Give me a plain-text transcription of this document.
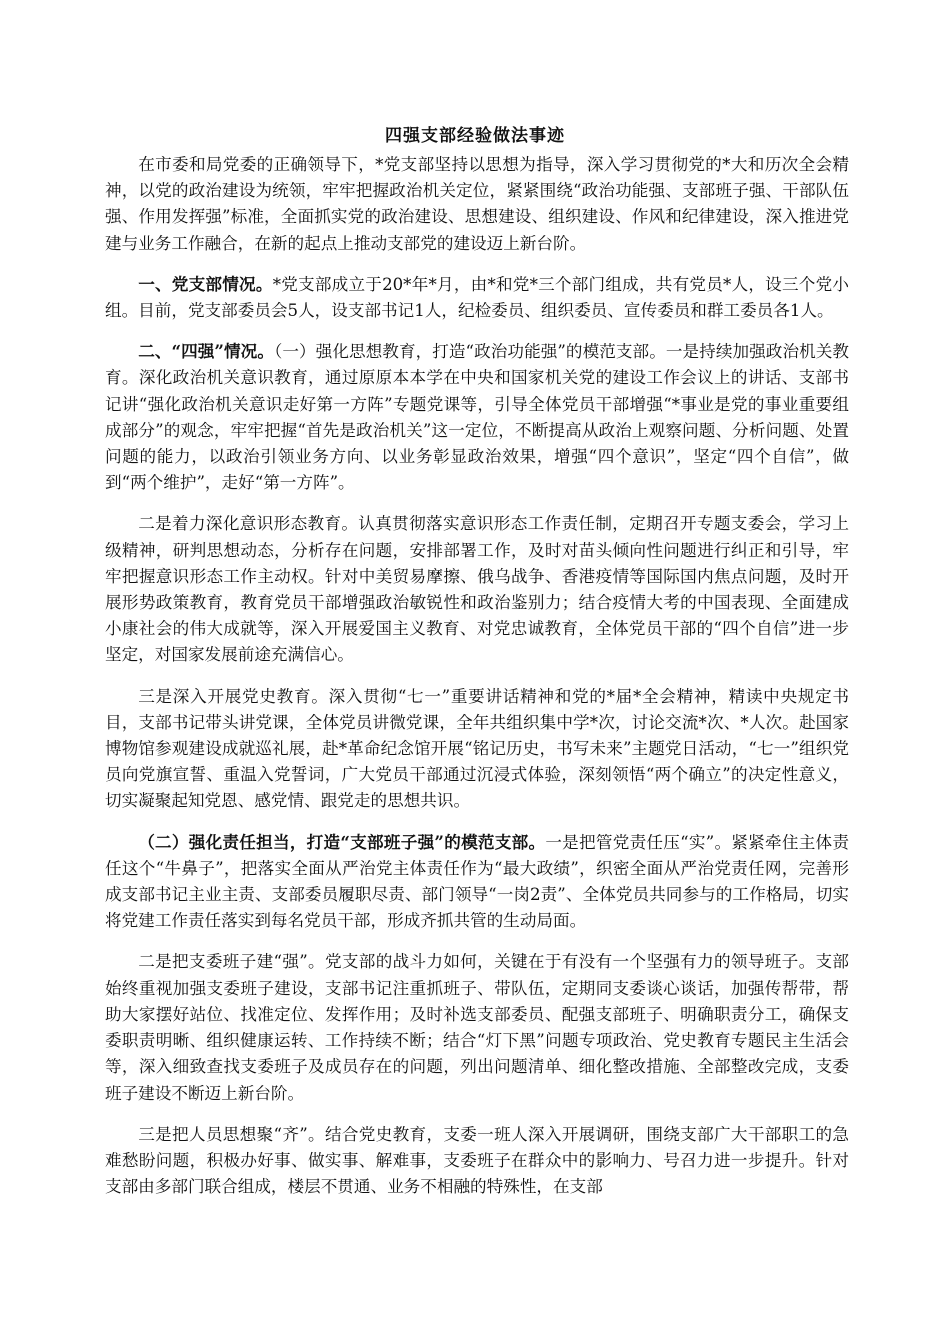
四强支部经验做法事迹

在市委和局党委的正确领导下，*党支部坚持以思想为指导，深入学习贯彻党的*大和历次全会精神，以党的政治建设为统领，牢牢把握政治机关定位，紧紧围绕“政治功能强、支部班子强、干部队伍强、作用发挥强”标准，全面抓实党的政治建设、思想建设、组织建设、作风和纪律建设，深入推进党建与业务工作融合，在新的起点上推动支部党的建设迈上新台阶。

一、党支部情况。*党支部成立于20*年*月，由*和党*三个部门组成，共有党员*人，设三个党小组。目前，党支部委员会5人，设支部书记1人，纪检委员、组织委员、宣传委员和群工委员各1人。

二、“四强”情况。（一）强化思想教育，打造“政治功能强”的模范支部。一是持续加强政治机关教育。深化政治机关意识教育，通过原原本本学在中央和国家机关党的建设工作会议上的讲话、支部书记讲“强化政治机关意识走好第一方阵”专题党课等，引导全体党员干部增强“*事业是党的事业重要组成部分”的观念，牢牢把握“首先是政治机关”这一定位，不断提高从政治上观察问题、分析问题、处置问题的能力，以政治引领业务方向、以业务彰显政治效果，增强“四个意识”，坚定“四个自信”，做到“两个维护”，走好“第一方阵”。

二是着力深化意识形态教育。认真贯彻落实意识形态工作责任制，定期召开专题支委会，学习上级精神，研判思想动态，分析存在问题，安排部署工作，及时对苗头倾向性问题进行纠正和引导，牢牢把握意识形态工作主动权。针对中美贸易摩擦、俄乌战争、香港疫情等国际国内焦点问题，及时开展形势政策教育，教育党员干部增强政治敏锐性和政治鉴别力；结合疫情大考的中国表现、全面建成小康社会的伟大成就等，深入开展爱国主义教育、对党忠诚教育，全体党员干部的“四个自信”进一步坚定，对国家发展前途充满信心。

三是深入开展党史教育。深入贯彻“七一”重要讲话精神和党的*届*全会精神，精读中央规定书目，支部书记带头讲党课，全体党员讲微党课，全年共组织集中学*次，讨论交流*次、*人次。赴国家博物馆参观建设成就巡礼展，赴*革命纪念馆开展“铭记历史，书写未来”主题党日活动，“七一”组织党员向党旗宣誓、重温入党誓词，广大党员干部通过沉浸式体验，深刻领悟“两个确立”的决定性意义，切实凝聚起知党恩、感党情、跟党走的思想共识。

（二）强化责任担当，打造“支部班子强”的模范支部。一是把管党责任压“实”。紧紧牵住主体责任这个“牛鼻子”，把落实全面从严治党主体责任作为“最大政绩”，织密全面从严治党责任网，完善形成支部书记主业主责、支部委员履职尽责、部门领导“一岗2责”、全体党员共同参与的工作格局，切实将党建工作责任落实到每名党员干部，形成齐抓共管的生动局面。

二是把支委班子建“强”。党支部的战斗力如何，关键在于有没有一个坚强有力的领导班子。支部始终重视加强支委班子建设，支部书记注重抓班子、带队伍，定期同支委谈心谈话，加强传帮带，帮助大家摆好站位、找准定位、发挥作用；及时补选支部委员、配强支部班子、明确职责分工，确保支委职责明晰、组织健康运转、工作持续不断；结合“灯下黑”问题专项政治、党史教育专题民主生活会等，深入细致查找支委班子及成员存在的问题，列出问题清单、细化整改措施、全部整改完成，支委班子建设不断迈上新台阶。

三是把人员思想聚“齐”。结合党史教育，支委一班人深入开展调研，围绕支部广大干部职工的急难愁盼问题，积极办好事、做实事、解难事，支委班子在群众中的影响力、号召力进一步提升。针对支部由多部门联合组成，楼层不贯通、业务不相融的特殊性，在支部
